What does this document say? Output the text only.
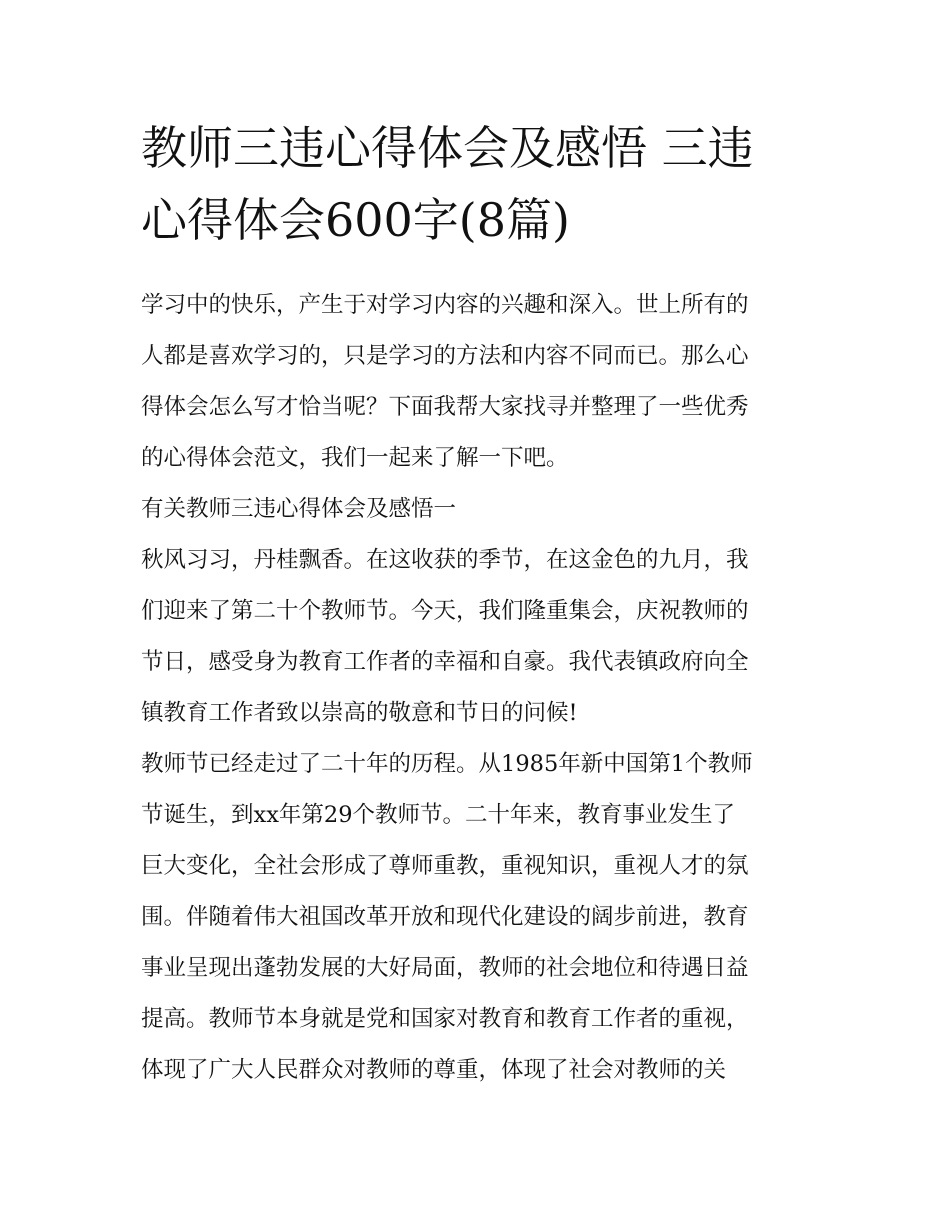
教师三违心得体会及感悟 三违
心得体会600字(8篇)

学习中的快乐，产生于对学习内容的兴趣和深入。世上所有的
人都是喜欢学习的，只是学习的方法和内容不同而已。那么心
得体会怎么写才恰当呢？下面我帮大家找寻并整理了一些优秀
的心得体会范文，我们一起来了解一下吧。

有关教师三违心得体会及感悟一

秋风习习，丹桂飘香。在这收获的季节，在这金色的九月，我
们迎来了第二十个教师节。今天，我们隆重集会，庆祝教师的
节日，感受身为教育工作者的幸福和自豪。我代表镇政府向全
镇教育工作者致以崇高的敬意和节日的问候!

教师节已经走过了二十年的历程。从1985年新中国第1个教师
节诞生，到xx年第29个教师节。二十年来，教育事业发生了
巨大变化，全社会形成了尊师重教，重视知识，重视人才的氛
围。伴随着伟大祖国改革开放和现代化建设的阔步前进，教育
事业呈现出蓬勃发展的大好局面，教师的社会地位和待遇日益
提高。教师节本身就是党和国家对教育和教育工作者的重视，
体现了广大人民群众对教师的尊重，体现了社会对教师的关
